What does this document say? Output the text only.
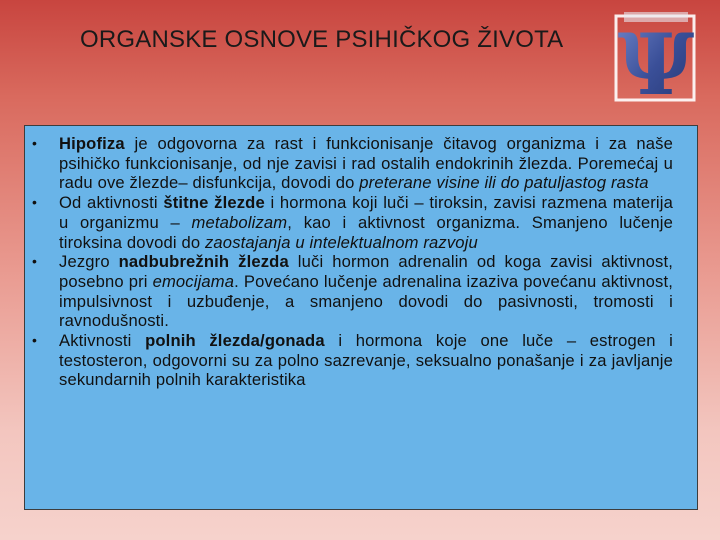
ORGANSKE OSNOVE PSIHIČKOG ŽIVOTA Ψ
• Hipofiza je odgovorna za rast i funkcionisanje čitavog organizma i za naše psihičko funkcionisanje, od nje zavisi i rad ostalih endokrinih žlezda. Poremećaj u radu ove žlezde– disfunkcija, dovodi do preterane visine ili do patuljastog rasta
• Od aktivnosti štitne žlezde i hormona koji luči – tiroksin, zavisi razmena materija u organizmu – metabolizam, kao i aktivnost organizma. Smanjeno lučenje tiroksina dovodi do zaostajanja u intelektualnom razvoju
• Jezgro nadbubrežnih žlezda luči hormon adrenalin od koga zavisi aktivnost, posebno pri emocijama. Povećano lučenje adrenalina izaziva povećanu aktivnost, impulsivnost i uzbuđenje, a smanjeno dovodi do pasivnosti, tromosti i ravnodušnosti.
• Aktivnosti polnih žlezda/gonada i hormona koje one luče – estrogen i testosteron, odgovorni su za polno sazrevanje, seksualno ponašanje i za javljanje sekundarnih polnih karakteristika
